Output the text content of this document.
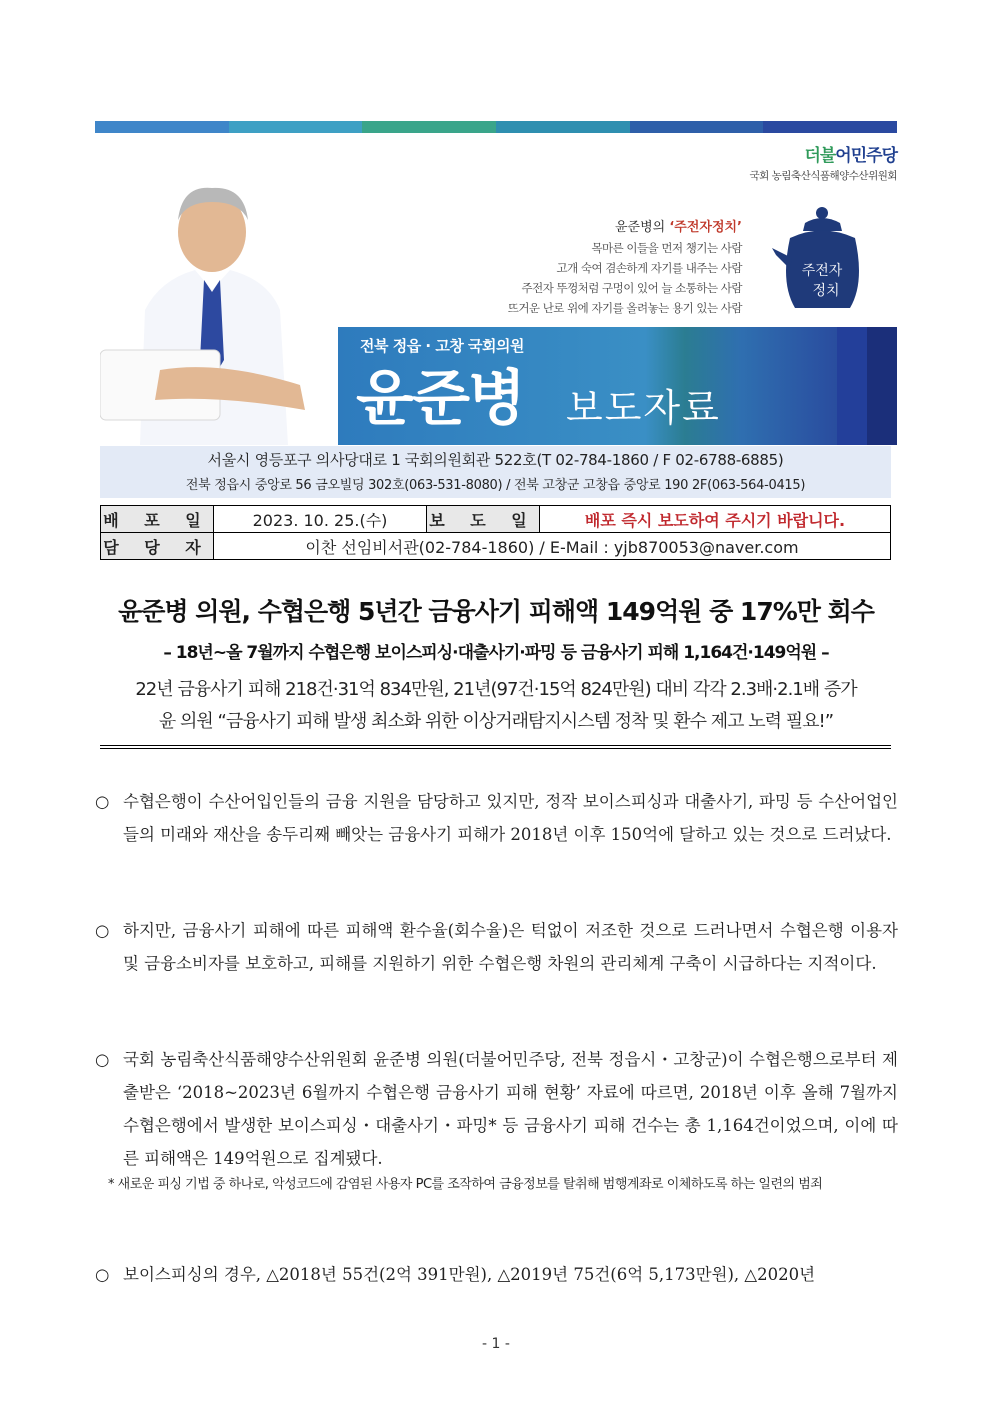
더불어민주당
국회 농림축산식품해양수산위원회
윤준병의 ‘주전자정치’
목마른 이들을 먼저 챙기는 사람
고개 숙여 겸손하게 자기를 내주는 사람
주전자 뚜껑처럼 구멍이 있어 늘 소통하는 사람
뜨거운 난로 위에 자기를 올려놓는 용기 있는 사람
주전자
정치
전북 정읍 · 고창 국회의원
윤준병 보도자료
서울시 영등포구 의사당대로 1 국회의원회관 522호(T 02-784-1860 / F 02-6788-6885)
전북 정읍시 중앙로 56 금오빌딩 302호(063-531-8080) / 전북 고창군 고창읍 중앙로 190 2F(063-564-0415)
배 포 일	2023. 10. 25.(수)	보 도 일	배포 즉시 보도하여 주시기 바랍니다.
담 당 자	이찬 선임비서관(02-784-1860) / E-Mail : yjb870053@naver.com		
윤준병 의원, 수협은행 5년간 금융사기 피해액 149억원 중 17%만 회수
– 18년~올 7월까지 수협은행 보이스피싱·대출사기·파밍 등 금융사기 피해 1,164건·149억원 –
22년 금융사기 피해 218건·31억 834만원, 21년(97건·15억 824만원) 대비 각각 2.3배·2.1배 증가
윤 의원 “금융사기 피해 발생 최소화 위한 이상거래탐지시스템 정착 및 환수 제고 노력 필요!”
○ 수협은행이 수산어입인들의 금융 지원을 담당하고 있지만, 정작 보이스피싱과 대출사기, 파밍 등 수산어업인들의 미래와 재산을 송두리째 빼앗는 금융사기 피해가 2018년 이후 150억에 달하고 있는 것으로 드러났다.
○ 하지만, 금융사기 피해에 따른 피해액 환수율(회수율)은 턱없이 저조한 것으로 드러나면서 수협은행 이용자 및 금융소비자를 보호하고, 피해를 지원하기 위한 수협은행 차원의 관리체계 구축이 시급하다는 지적이다.
○ 국회 농림축산식품해양수산위원회 윤준병 의원(더불어민주당, 전북 정읍시・고창군)이 수협은행으로부터 제출받은 ‘2018~2023년 6월까지 수협은행 금융사기 피해 현황’ 자료에 따르면, 2018년 이후 올해 7월까지 수협은행에서 발생한 보이스피싱・대출사기・파밍* 등 금융사기 피해 건수는 총 1,164건이었으며, 이에 따른 피해액은 149억원으로 집계됐다.
* 새로운 피싱 기법 중 하나로, 악성코드에 감염된 사용자 PC를 조작하여 금융정보를 탈취해 범행계좌로 이체하도록 하는 일련의 범죄
○ 보이스피싱의 경우, △2018년 55건(2억 391만원), △2019년 75건(6억 5,173만원), △2020년
- 1 -
